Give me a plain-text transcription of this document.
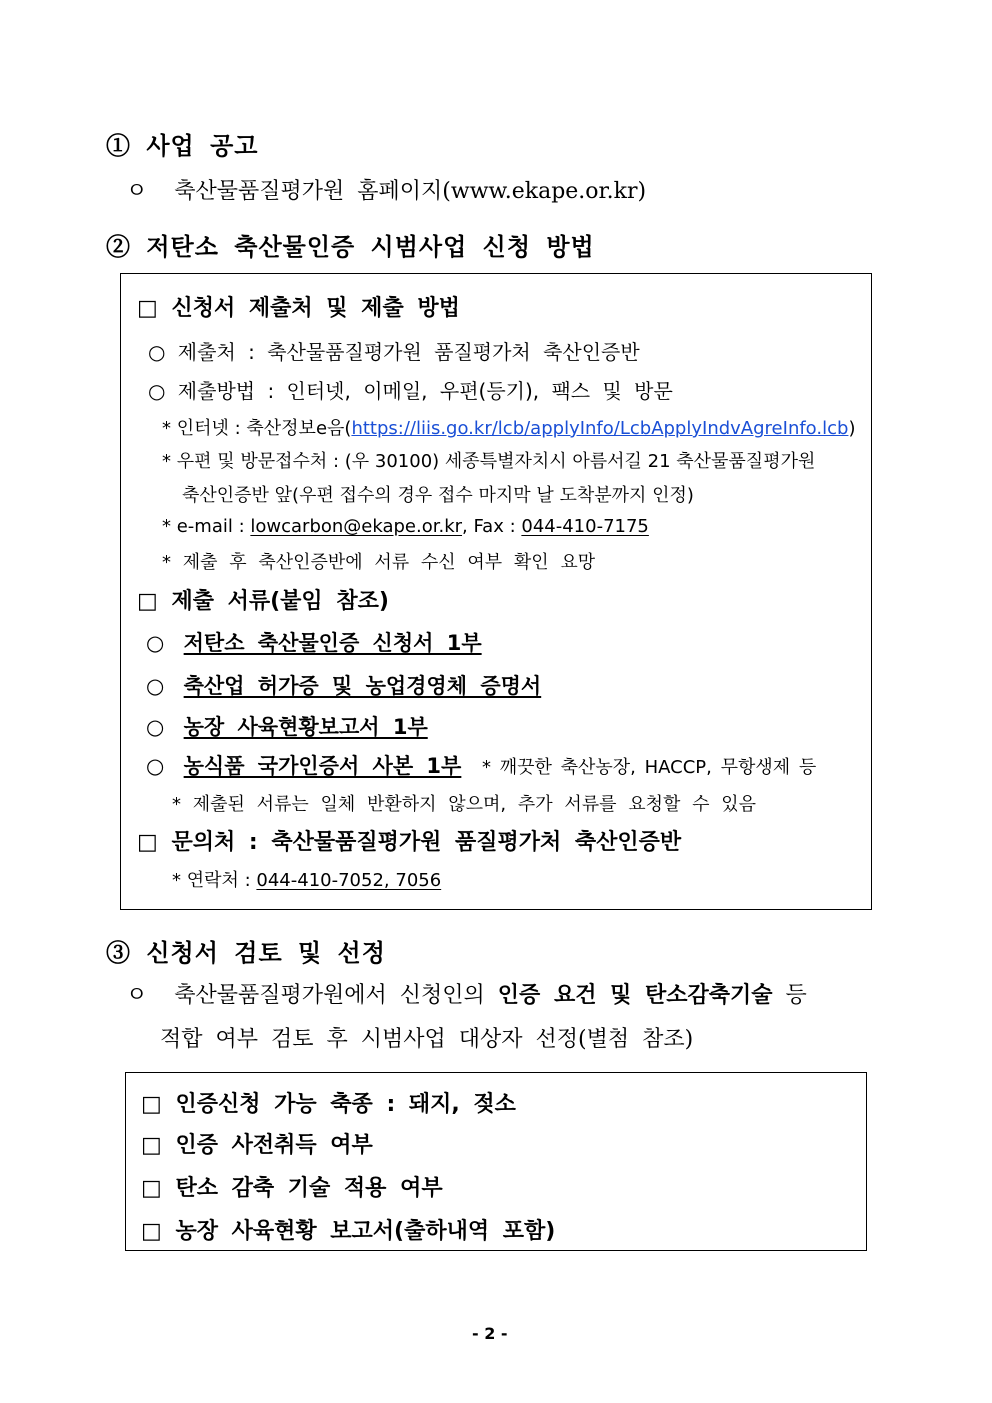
① 사업 공고
ㅇ 축산물품질평가원 홈페이지(www.ekape.or.kr)
② 저탄소 축산물인증 시범사업 신청 방법
□ 신청서 제출처 및 제출 방법
○ 제출처 : 축산물품질평가원 품질평가처 축산인증반
○ 제출방법 : 인터넷, 이메일, 우편(등기), 팩스 및 방문
* 인터넷 : 축산정보e음(https://liis.go.kr/lcb/applyInfo/LcbApplyIndvAgreInfo.lcb)
* 우편 및 방문접수처 : (우 30100) 세종특별자치시 아름서길 21 축산물품질평가원
축산인증반 앞(우편 접수의 경우 접수 마지막 날 도착분까지 인정)
* e-mail : lowcarbon@ekape.or.kr, Fax : 044-410-7175
* 제출 후 축산인증반에 서류 수신 여부 확인 요망
□ 제출 서류(붙임 참조)
○ 저탄소 축산물인증 신청서 1부
○ 축산업 허가증 및 농업경영체 증명서
○ 농장 사육현황보고서 1부
○ 농식품 국가인증서 사본 1부 * 깨끗한 축산농장, HACCP, 무항생제 등
* 제출된 서류는 일체 반환하지 않으며, 추가 서류를 요청할 수 있음
□ 문의처 : 축산물품질평가원 품질평가처 축산인증반
* 연락처 : 044-410-7052, 7056
③ 신청서 검토 및 선정
ㅇ 축산물품질평가원에서 신청인의 인증 요건 및 탄소감축기술 등
적합 여부 검토 후 시범사업 대상자 선정(별첨 참조)
□ 인증신청 가능 축종 : 돼지, 젖소
□ 인증 사전취득 여부
□ 탄소 감축 기술 적용 여부
□ 농장 사육현황 보고서(출하내역 포함)
- 2 -
